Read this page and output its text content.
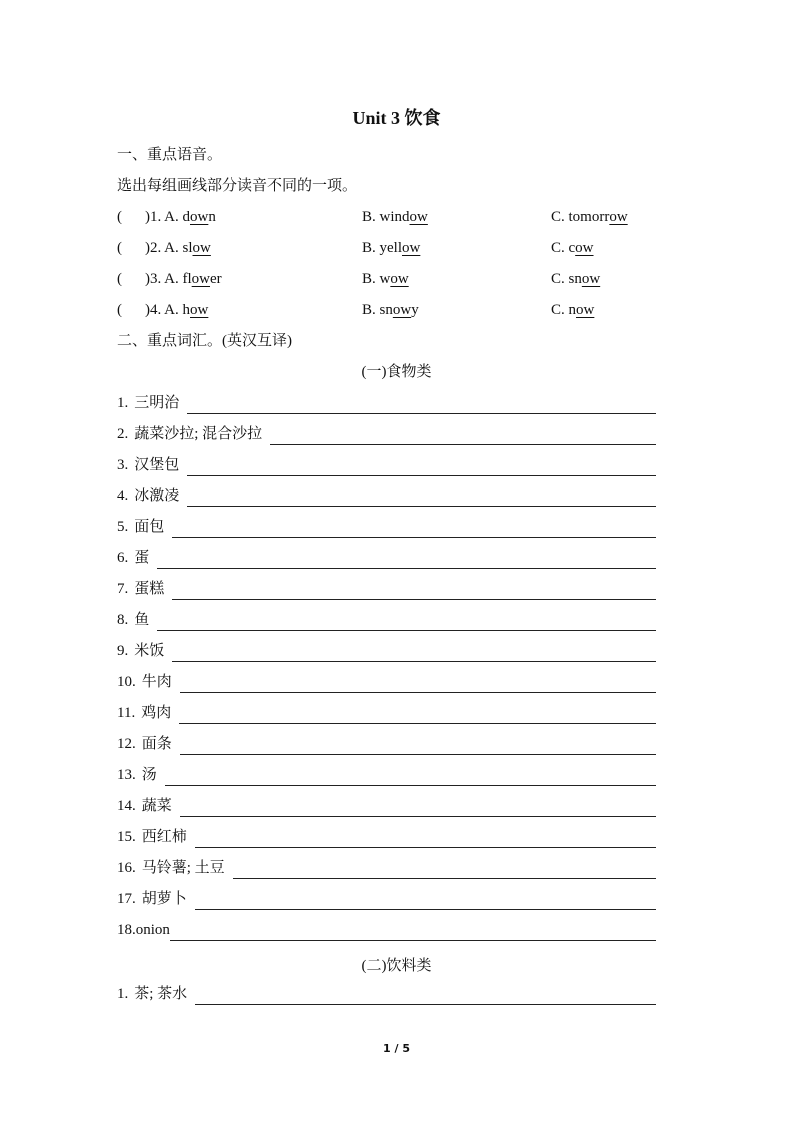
Unit 3 饮食
一、重点语音。
选出每组画线部分读音不同的一项。
( )1. A. down	B. window	C. tomorrow
( )2. A. slow	B. yellow	C. cow
( )3. A. flower	B. wow	C. snow
( )4. A. how	B. snowy	C. now
二、重点词汇。(英汉互译)
(一)食物类
1. 三明治
2. 蔬菜沙拉; 混合沙拉
3. 汉堡包
4. 冰激凌
5. 面包
6. 蛋
7. 蛋糕
8. 鱼
9. 米饭
10. 牛肉
11. 鸡肉
12. 面条
13. 汤
14. 蔬菜
15. 西红柿
16. 马铃薯; 土豆
17. 胡萝卜
18. onion
(二)饮料类
1. 茶; 茶水
1 / 5
